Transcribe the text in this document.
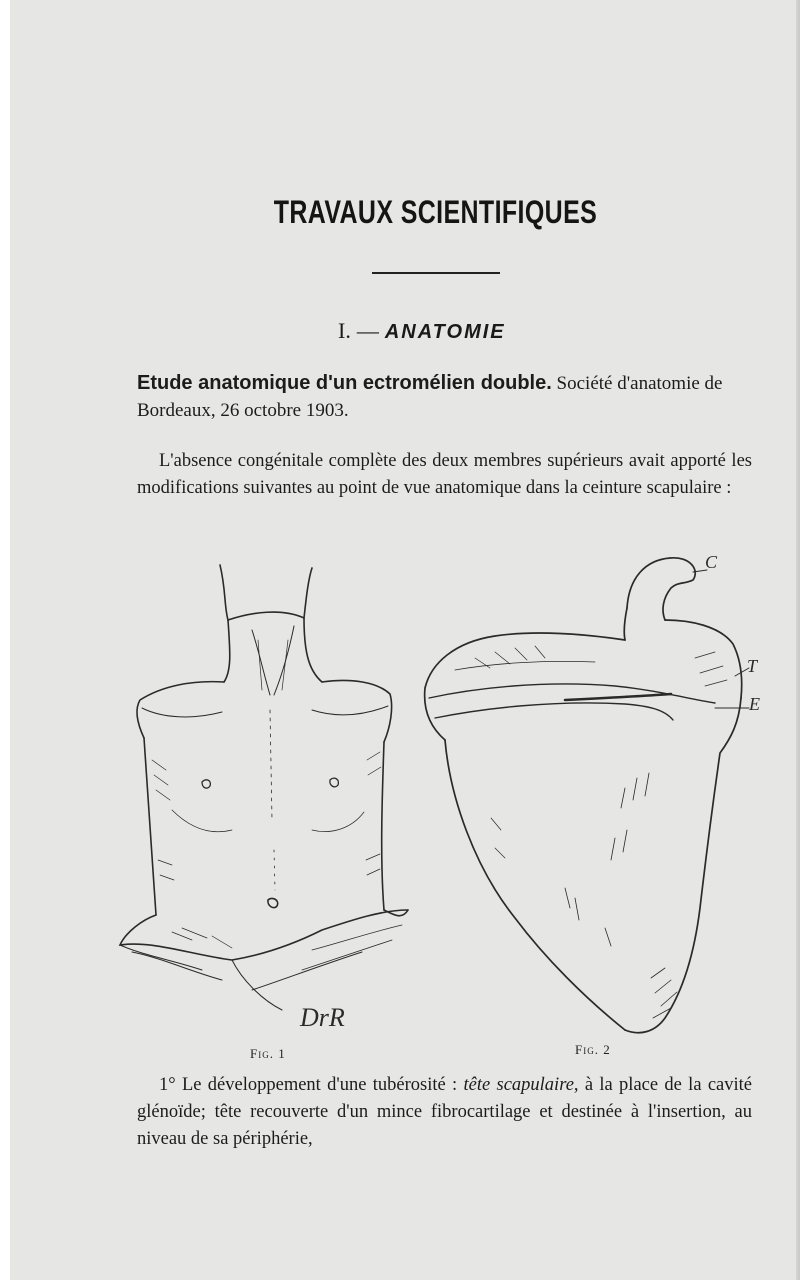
TRAVAUX SCIENTIFIQUES
I. — ANATOMIE
Etude anatomique d'un ectromélien double. Société d'anatomie de Bordeaux, 26 octobre 1903.
L'absence congénitale complète des deux membres supérieurs avait apporté les modifications suivantes au point de vue anatomique dans la ceinture scapulaire :
DrR
Fig. 1
C
T
E
Fig. 2
1° Le développement d'une tubérosité : tête scapulaire, à la place de la cavité glénoïde; tête recouverte d'un mince fibrocartilage et destinée à l'insertion, au niveau de sa périphérie,
